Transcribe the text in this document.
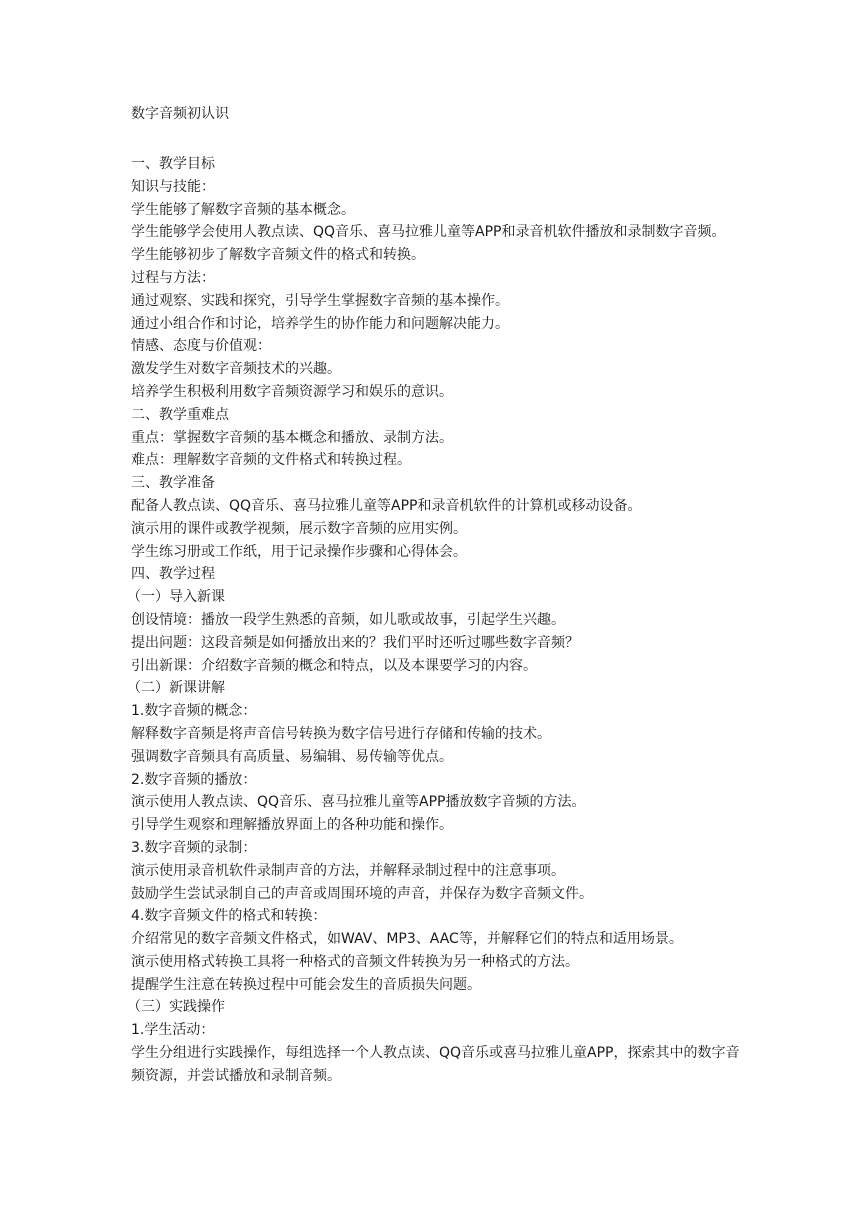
数字音频初认识

一、教学目标

知识与技能：

学生能够了解数字音频的基本概念。

学生能够学会使用人教点读、QQ音乐、喜马拉雅儿童等APP和录音机软件播放和录制数字音频。

学生能够初步了解数字音频文件的格式和转换。

过程与方法：

通过观察、实践和探究，引导学生掌握数字音频的基本操作。

通过小组合作和讨论，培养学生的协作能力和问题解决能力。

情感、态度与价值观：

激发学生对数字音频技术的兴趣。

培养学生积极利用数字音频资源学习和娱乐的意识。

二、教学重难点

重点：掌握数字音频的基本概念和播放、录制方法。

难点：理解数字音频的文件格式和转换过程。

三、教学准备

配备人教点读、QQ音乐、喜马拉雅儿童等APP和录音机软件的计算机或移动设备。

演示用的课件或教学视频，展示数字音频的应用实例。

学生练习册或工作纸，用于记录操作步骤和心得体会。

四、教学过程

（一）导入新课

创设情境：播放一段学生熟悉的音频，如儿歌或故事，引起学生兴趣。

提出问题：这段音频是如何播放出来的？我们平时还听过哪些数字音频？

引出新课：介绍数字音频的概念和特点，以及本课要学习的内容。

（二）新课讲解

1.数字音频的概念：

解释数字音频是将声音信号转换为数字信号进行存储和传输的技术。

强调数字音频具有高质量、易编辑、易传输等优点。

2.数字音频的播放：

演示使用人教点读、QQ音乐、喜马拉雅儿童等APP播放数字音频的方法。

引导学生观察和理解播放界面上的各种功能和操作。

3.数字音频的录制：

演示使用录音机软件录制声音的方法，并解释录制过程中的注意事项。

鼓励学生尝试录制自己的声音或周围环境的声音，并保存为数字音频文件。

4.数字音频文件的格式和转换：

介绍常见的数字音频文件格式，如WAV、MP3、AAC等，并解释它们的特点和适用场景。

演示使用格式转换工具将一种格式的音频文件转换为另一种格式的方法。

提醒学生注意在转换过程中可能会发生的音质损失问题。

（三）实践操作

1.学生活动：

学生分组进行实践操作，每组选择一个人教点读、QQ音乐或喜马拉雅儿童APP，探索其中的数字音频资源，并尝试播放和录制音频。
